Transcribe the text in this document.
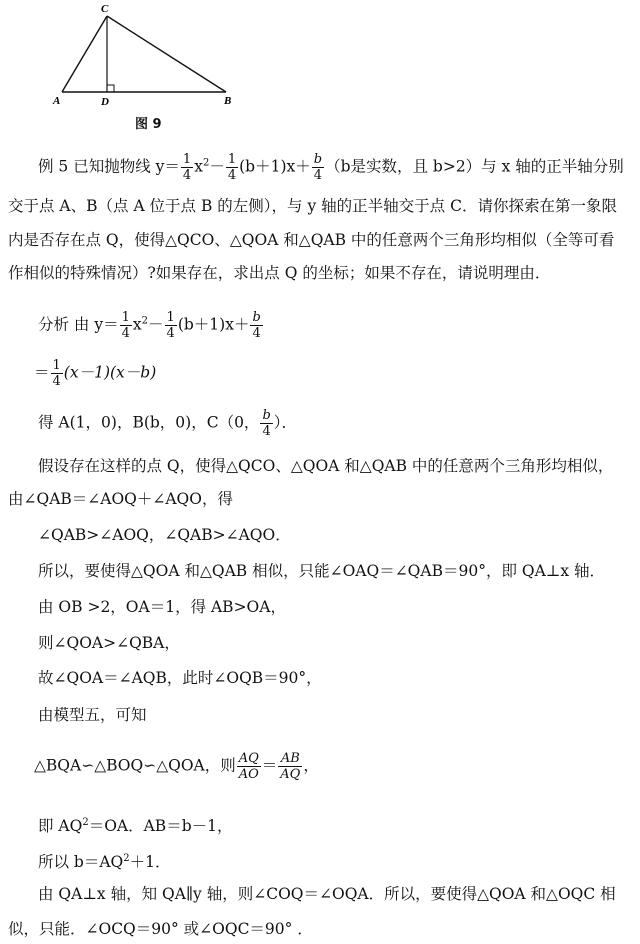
C
A	D	B
图 9
例 5 已知抛物线 $y= \frac{1}{4} x^2- \frac{1}{4} (b+1)x+ \frac{b}{4} (b$是实数，且 b>2）与 x 轴的正半轴分别
交于点 A、B（点 A 位于点 B 的左侧），与 y 轴的正半轴交于点 C．请你探索在第一象限
内是否存在点 Q，使得△QCO、△QOA 和△QAB 中的任意两个三角形均相似（全等可看
作相似的特殊情况）?如果存在，求出点 Q 的坐标；如果不存在，请说明理由．
分析 由 $y= \frac{1}{4} x^2- \frac{1}{4} (b+1)x+ \frac{b}{4}$
＝ $\frac{1}{4} (x-1)(x-b)$
得 A(1，0)，B(b，0)，C（0， $\frac{b}{4}$ ）．
假设存在这样的点 Q，使得△QCO、△QOA 和△QAB 中的任意两个三角形均相似，
由∠QAB＝∠AOQ＋∠AQO，得
∠QAB>∠AOQ，∠QAB>∠AQO．
所以，要使得△QOA 和△QAB 相似，只能∠OAQ＝∠QAB＝90°，即 QA⊥x 轴．
由 OB >2，OA＝1，得 AB>OA，
则∠QOA>∠QBA，
故∠QOA＝∠AQB，此时∠OQB＝90°，
由模型五，可知
△BQA∽△BOQ∽△QOA，则 $\frac{AQ}{AO} = \frac{AB}{AQ}$ ，
即 $AQ^2=OA$．AB＝b－1，
所以 $b=AQ^2+1$．
由 QA⊥x 轴，知 QA∥y 轴，则∠COQ＝∠OQA．所以，要使得△QOA 和△OQC 相
似，只能．∠OCQ＝90° 或∠OQC＝90° ．
